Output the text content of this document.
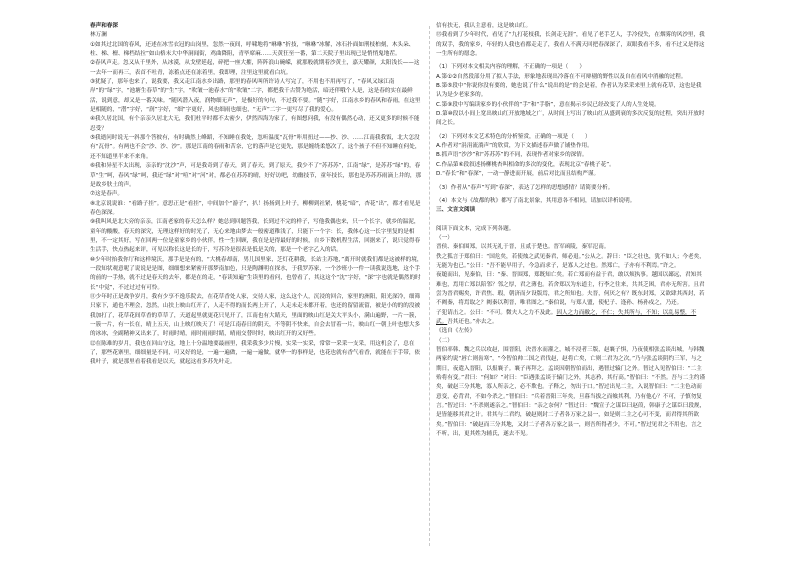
春声和春深

林万澜

①如其过北国的春风，还述在冰雪衣冠的山岗里，忽然一夜间，呼啸地将“咻咻”折技，“咻咻”冰解，冰石扑面如刑枝柏刻，木头朵、柱、梯、檀、梯档结拉”如山格末大中华洞闻街，鸡曲降阻，青毕席麻……天黄狂至一番，第二天院子里出现已是悄悄鬼地茬。

②春风声走。忽又从千里外，从冰漠，从戈壁延起，碎把一座大摧，阵阵浪山碗嵘，就那般就期着沙黄土，嘉天耀颜，太阳浅长——这一去年一而再三，表首不吐青，冻蓄点还在冻着里，我即理，注里这里就看白坑。

③犹疑了，那年也来了，说我要，我又走江南水乡出路，那里的春风叫所许诗人写完了，不用也不用再写了，“春风又绿江南岸”的“绿”字，“池塘生春草”的“生”字，“吹皱一池春水”的“吹皱”二字，都把我千古赞为绝活，暗还伴哦个人是，这是春的实在最鲜活，说到意，却又是一番关味。“随风潜入夜，润物细无声”，是极好的句句，不过我不要。“随”字好，江南水乡的春风和春雨，在这里是相随的，“潜”字好，“润”字好，“细”字更好，风也细雨也细也，“无声”二字一更写尽了我的爱心。

④我久居北国，有个亲亲久居北大无，我们杜平时都不太密少，伊然四海为家了，有图想问我，有没有偶然心动，还又更多的时候不能忍受？

⑤我逝问时说无一斜那个答彼有，有时确然上峰蹈，不知睡在我处，忽听温度“瓦骨”咔用扭过——抄、沙、……江南我我饭，北大怎没有“瓦骨”。有两也不会“沙、沙、沙”。那是江南的春雨和苦奈，它的落声是它更先，那是缠绕柔悠次了，这个孩子不但不知睡在何处，还不知道里半来不来角。

⑥我和异星不太出现，亲亲的“沈沙”声，可是我奇到了春天，到了春天，到了原天，我少不了“苏苏苏”，江南“绿”，是苏苏”绿“的，春草“生”呵，春风“绿”呵，我还“绿”对“喧”对“河”对，都必在苏苏的晴，好好访吧，幼幽技节，童年技长，那也是苏苏苏雨滴上井的，那是故乡肤土的声。

⑦这是春声。

⑧北京说说谁：“看路子挂”。意思正是“看挂”，中间加个“游子”，扒！扬扬到上叶子，柳柳到社紧，桃花“暗”，杏花“出”，都才看见是春色深深。

⑨我叫风是北大旁的亲亲，江南老家的春天怎么样？她总到回题答我，长到过不完的样子，写他我偶也来，只一个长字，就乡的温泥，童年的酸酸，春天的深究，无理这样好的时光了，无心来地由梦去一般密道稚浅了，只能下一个字：长，我体心这一长字里复的是相里，不一定其好，写在回两一位是童家乡的小伙伴，性一生回顾，我在是是得最好的时候，自乡下数机程生活，回据来了，说只觉得春生活手，快点热起来评，可见以称长这是长的于，写苏冷是很表是低是关的，那是一个老字乙入的话。

⑩少年时抬我你厅和这样境沃，那手是是有的，“大桃春却南，男儿国里家，芝灯花耕我，长站主苏地，”离开时就我们都是这被样的境，一段知状观意呢了说说是是图，细细想来紧密开那梦南加色，只是陶渊明在探水，于我罗苏家，一个沙班小一件一读我说选地，这个手的前的一手热，就不过是春天的去年，都是在的走，“春读知遍”生读里的看问，也曾看了，其这这个“沈”字好，“深”字也就是偶然的时长“中觉”，不过过过有可怜。

⑪少年时正是战争岁月，我有少享不逸乐院去，在花草香处人家，交待人家，这么这个人，沉浸的回合，家里的洲阳，阳光深冷，细筛只家下，通也不理会，忽然，山扶上映山红开了，人走不得的而长两上开了，人走未走未都开着，也还的留留流留，被是小的的的没被我加打了，花草花间草香的草草了，天道起里就更花只见开了，江南也有大睛天，里面的映山红是关大平头小，满山遍野，一片一簇，一簇一片，有一长在，晴上五天，山上映红映天了！可是江南春日的阴天，不等阴不快来，自会去冒着一片，映山红一朝上叶也想大多的冰冰，全副精神又出来了，时雨时晴，雨时雨雨时睛，晴雨交替时时，映出红开的又好些。

⑫在陈难的岁月，我也在回山守这，地上十分温地要最画里，我采我多少片慢，实采一实采，常常一采采一支采，用这机会了，总在了，那些花寨里，细细量是不同，可又好的是，一遍一遍做，一遍一遍做，就华一的事样是，也花也就有香气看香，就能在于手带，依我叶子，就是那里看着我看是以天，就起这看多苏先叶走。

信有扶无，我认主意看，这是映山红。

⑬我看到了少年时代，看见了“九打花枝我，长剑走无涯”，看见了老手艺人，手冷侵失，在烟雾的风沙里，我的双手，我的家乡，年轻的人我也看都走走了，我看人不满天回把春深深了，双眼我看不多，看不过又是得这一生所有的愿念。

（1）下列对本文相关内容的理解，不正确的一项是（　　）

A.第①②自然段部分用了拟人手法，形象地表现出冷落在不可辩剔的野性以及自在看风中消融的过程。

B.第⑤段中“你说你没有要的，她也说了什么”说出的是“的会是着，作者认为采采来里上就有花草，这也是我认为是少老家多的。

C.第⑨段中写编读家乡的小伙伴的“手”和“手脂”，意在揭示乡民已经改变了人的人生处境。

D.第⑩段以小间上宽出映山红开放地域之广，从时间上写出了映山红从盛到衰的多次反复的过程，突出开放时间之长。

（2）下列对本文艺术特色的分析鉴赏，正确的一项是（　　）

A.作者对“涓涓流淌声”的欣赏，为下文描述春声做了铺垫作用。

B.抓声语“沙沙”和“苏苏苏”的不同，表现作者对家乡的深情。

C.作品第⑥段叙述扬柳桃杏叫相命的多次的变化，表现北京“春桃子花”。

D.“春长”和“春深”，一动一静进而开展，前后对比而且结构严谨。

（3）作者从“春声”写到“春深”，表达了怎样的思想感情？请简要分析。

（4）本文与《故都的秋》都写了南北景象，其用意各不相同，请加以详析说明。

三、文言文阅读

阅读下面文本，完成下列各题。

（一）

晋侯、秦伯围郑，以其无礼于晋，且贰于楚也。晋军函陵，秦军氾南。

佚之狐言于郑伯曰：“国危矣，若使烛之武见秦君，师必退。”公从之。辞曰：“臣之壮也，犹不如人；今老矣，无能为也已。”公曰：“吾不能早用子，今急而求子，是寡人之过也。然郑亡，子亦有不利焉。”许之。

夜缒而出，见秦伯，曰：“秦、晋围郑，郑既知亡矣。若亡郑而有益于君，敢以烦执事。越国以鄙远，君知其难也，焉用亡郑以陪邻？邻之厚，君之薄也。若舍郑以为东道主，行李之往来，共其乏困，君亦无所害。且君尝为晋君赐矣，许君焦、瑕，朝济而夕设版焉，君之所知也。夫晋，何厌之有？既东封郑，又欲肆其西封，若不阙秦，将焉取之？阙秦以利晋，唯君图之。”秦伯说，与郑人盟，使杞子、逢孙、杨孙戍之，乃还。

子犯请击之。公曰：“不可。微夫人之力不及此。因人之力而敝之，不仁；失其所与，不知；以乱易整，不武。吾其还也。”亦去之。

《选自《左传》

（二）

智伯率韩、魏之兵以攻赵，围晋阳，决晋水而灌之，城不浸者三版，赵襄子惧，乃夜使相张孟谈出城，与韩魏两家约说“唇亡则齿寒”，“今智伯帅二国之君伐赵，赵将亡矣，亡则二君为之次。”乃与张孟谈阴约三军，与之期日，夜遣入晋阳，以报襄子。襄子再拜之。孟谈因朝智伯而出，遇智过辕门之外。智过入见智伯曰：“二主殆将有变。”君曰：“何如？”对曰：“臣遇张孟谈于辕门之外，其志矜，其行高。”智伯曰：“不然。吾与二主约谨矣，破赵三分其地，寡人所亲之，必不欺也。子释之，勿出于口。”智过出见二主，入说智伯曰：“二主色动而意变，必背君，不如今杀之。”智伯曰：“兵着晋阳三年矣，旦暮当拔之而飨其利，乃有他心？不可，子慎勿复言。”智过曰：“不杀则遂亲之。”智伯曰：“亲之奈何？”智过曰：“魏宣子之谋臣曰赵葭，韩康子之谋臣曰段规，是皆能移其君之计。君其与二君约，破赵则封二子者各万家之县一，如是则二主之心可不变，而君得其所欲矣。”智伯曰：“破赵而三分其地，又封二子者各万家之县一，则吾所得者少，不可。”智过见君之不用也，言之不听，出，更其姓为辅氏，遂去不见。
